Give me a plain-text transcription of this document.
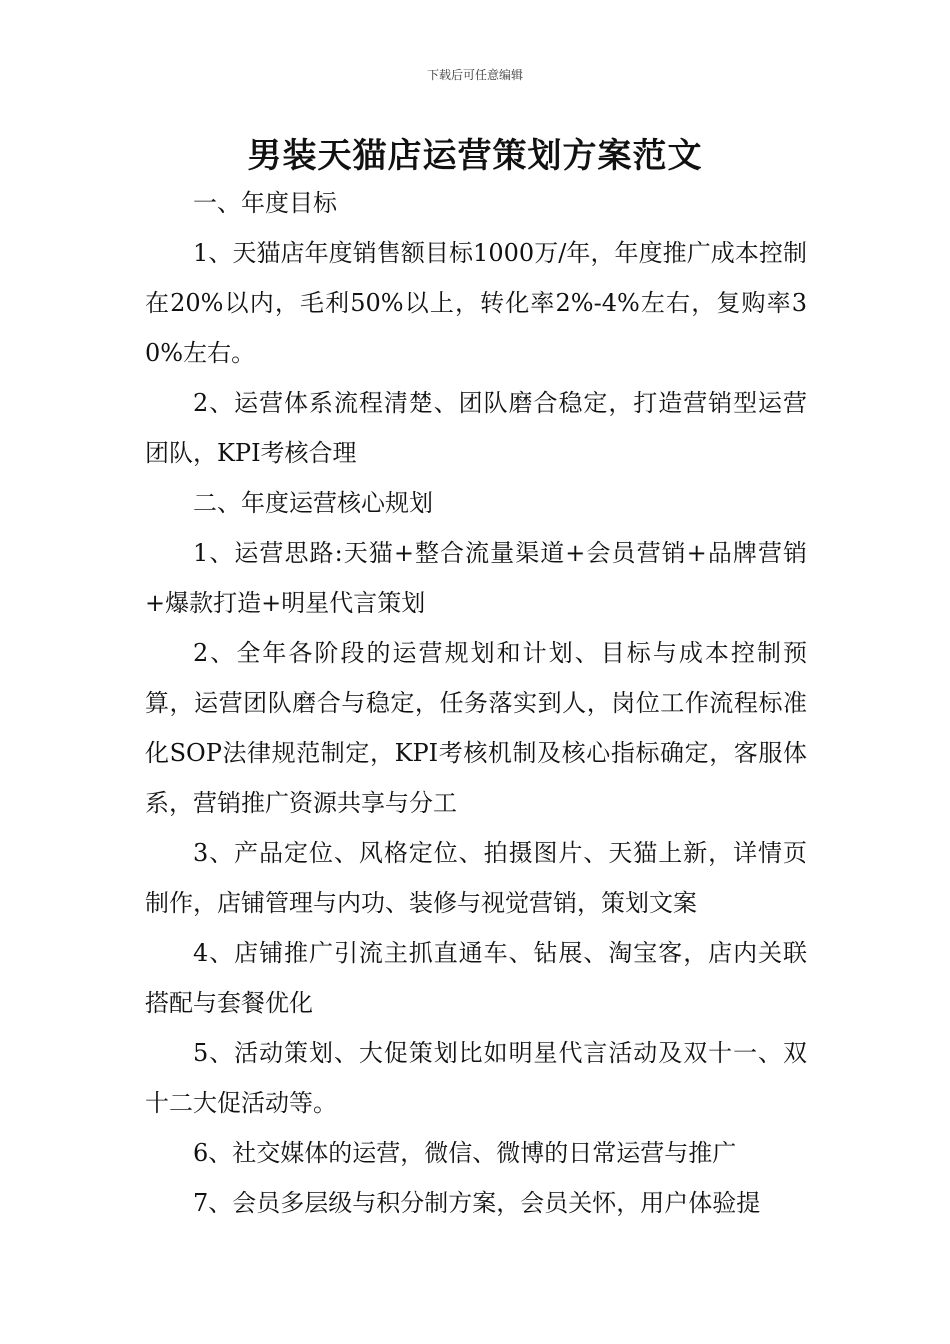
下载后可任意编辑
男装天猫店运营策划方案范文

一、年度目标

1、天猫店年度销售额目标1000万/年，年度推广成本控制在20%以内，毛利50%以上，转化率2%-4%左右，复购率30%左右。

2、运营体系流程清楚、团队磨合稳定，打造营销型运营团队，KPI考核合理

二、年度运营核心规划

1、运营思路:天猫+整合流量渠道+会员营销+品牌营销+爆款打造+明星代言策划

2、全年各阶段的运营规划和计划、目标与成本控制预算，运营团队磨合与稳定，任务落实到人，岗位工作流程标准化SOP法律规范制定，KPI考核机制及核心指标确定，客服体系，营销推广资源共享与分工

3、产品定位、风格定位、拍摄图片、天猫上新，详情页制作，店铺管理与内功、装修与视觉营销，策划文案

4、店铺推广引流主抓直通车、钻展、淘宝客，店内关联搭配与套餐优化

5、活动策划、大促策划比如明星代言活动及双十一、双十二大促活动等。

6、社交媒体的运营，微信、微博的日常运营与推广

7、会员多层级与积分制方案，会员关怀，用户体验提
